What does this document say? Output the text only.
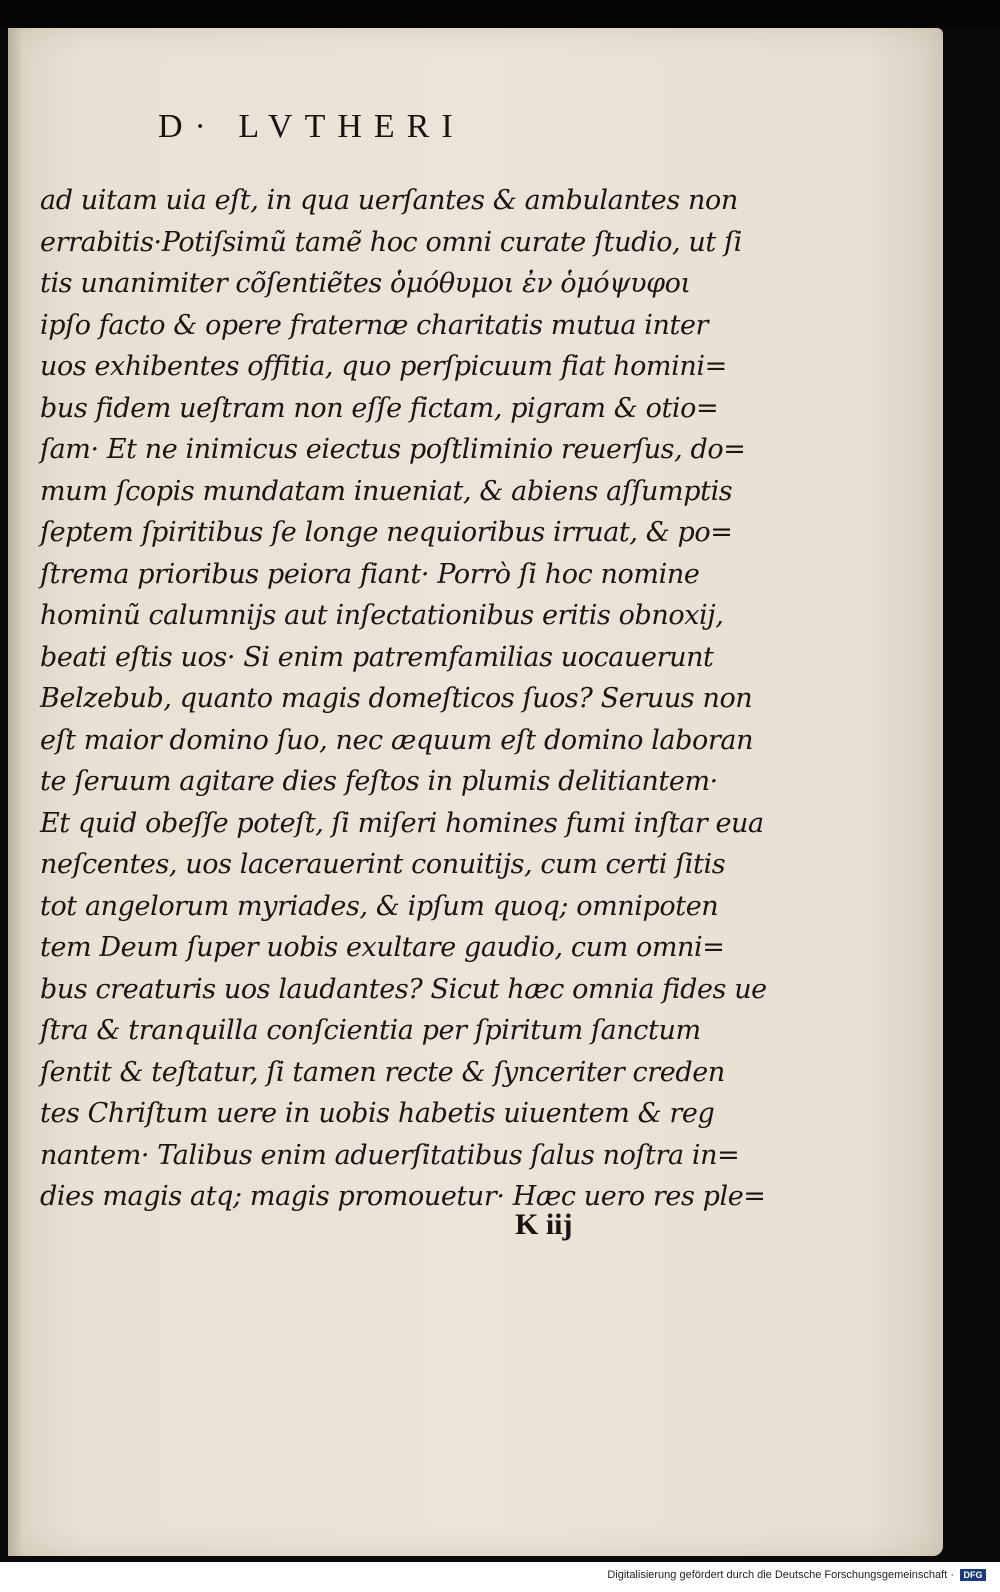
D· LVTHERI
ad uitam uia eſt, in qua uerſantes & ambulantes non
errabitis·Potiſsimũ tamẽ hoc omni curate ſtudio, ut ſi
tis unanimiter cõſentiẽtes ὁμόθυμοι ἐν ὁμόψυφοι
ipſo facto & opere fraternæ charitatis mutua inter
uos exhibentes offitia, quo perſpicuum fiat homini=
bus fidem ueſtram non eſſe fictam, pigram & otio=
ſam· Et ne inimicus eiectus poſtliminio reuerſus, do=
mum ſcopis mundatam inueniat, & abiens aſſumptis
ſeptem ſpiritibus ſe longe nequioribus irruat, & po=
ſtrema prioribus peiora fiant· Porrò ſi hoc nomine
hominũ calumnijs aut inſectationibus eritis obnoxij,
beati eſtis uos· Si enim patremfamilias uocauerunt
Belzebub, quanto magis domeſticos ſuos? Seruus non
eſt maior domino ſuo, nec æquum eſt domino laboran
te ſeruum agitare dies feſtos in plumis delitiantem·
Et quid obeſſe poteſt, ſi miſeri homines fumi inſtar eua
neſcentes, uos lacerauerint conuitijs, cum certi ſitis
tot angelorum myriades, & ipſum quoq; omnipoten
tem Deum ſuper uobis exultare gaudio, cum omni=
bus creaturis uos laudantes? Sicut hæc omnia fides ue
ſtra & tranquilla conſcientia per ſpiritum ſanctum
ſentit & teſtatur, ſi tamen recte & ſynceriter creden
tes Chriſtum uere in uobis habetis uiuentem & reg
nantem· Talibus enim aduerſitatibus ſalus noſtra in=
dies magis atq; magis promouetur· Hæc uero res ple=

K iij

Digitalisierung gefördert durch die Deutsche Forschungsgemeinschaft ·	DFG
